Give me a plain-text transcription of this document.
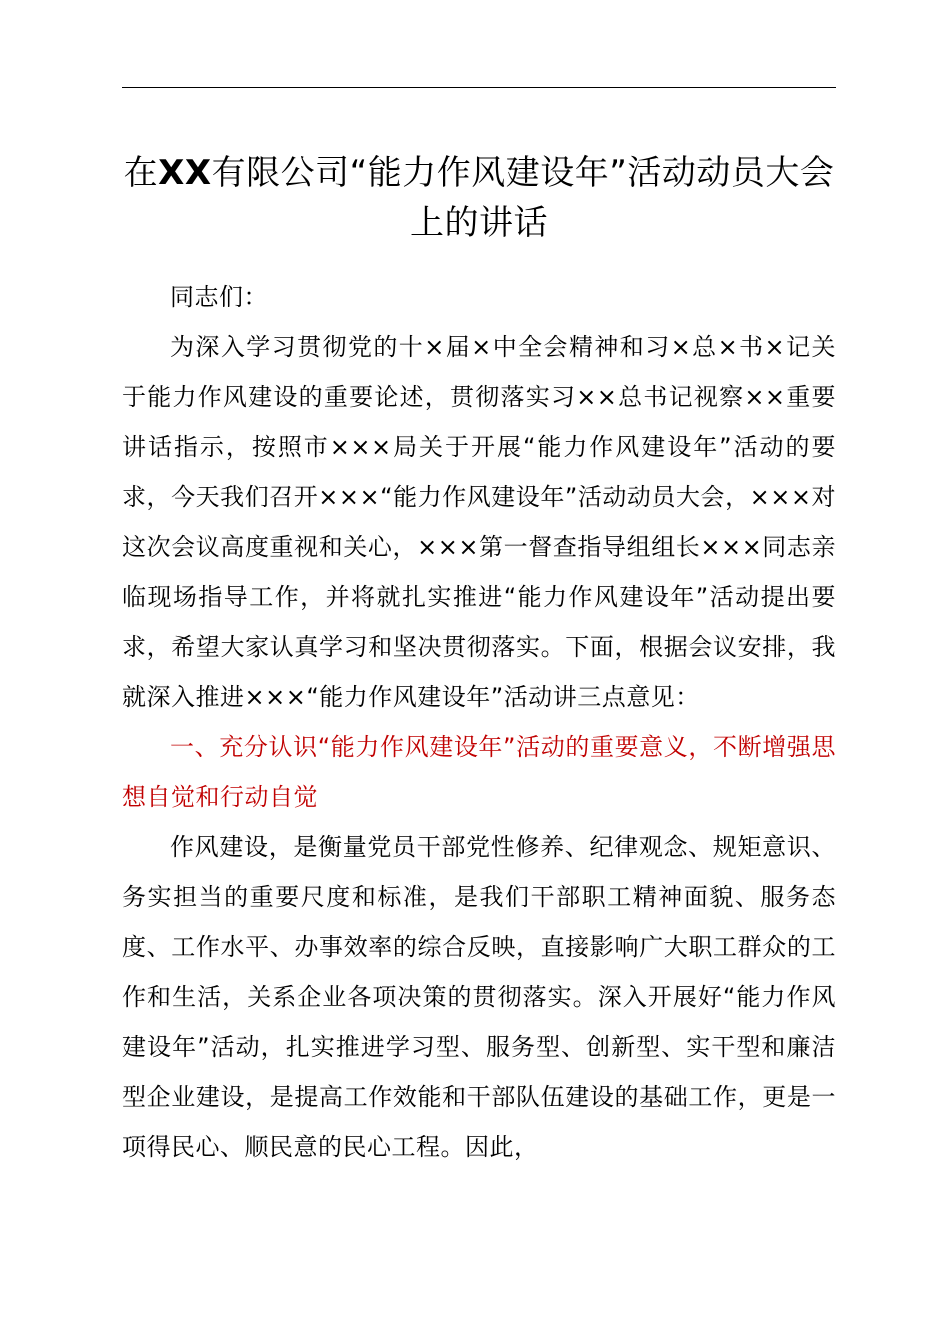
在XX有限公司“能力作风建设年”活动动员大会上的讲话

同志们：

为深入学习贯彻党的十×届×中全会精神和习×总×书×记关于能力作风建设的重要论述，贯彻落实习××总书记视察××重要讲话指示，按照市×××局关于开展“能力作风建设年”活动的要求，今天我们召开×××“能力作风建设年”活动动员大会，×××对这次会议高度重视和关心，×××第一督查指导组组长×××同志亲临现场指导工作，并将就扎实推进“能力作风建设年”活动提出要求，希望大家认真学习和坚决贯彻落实。下面，根据会议安排，我就深入推进×××“能力作风建设年”活动讲三点意见：

一、充分认识“能力作风建设年”活动的重要意义，不断增强思想自觉和行动自觉

作风建设，是衡量党员干部党性修养、纪律观念、规矩意识、务实担当的重要尺度和标准，是我们干部职工精神面貌、服务态度、工作水平、办事效率的综合反映，直接影响广大职工群众的工作和生活，关系企业各项决策的贯彻落实。深入开展好“能力作风建设年”活动，扎实推进学习型、服务型、创新型、实干型和廉洁型企业建设，是提高工作效能和干部队伍建设的基础工作，更是一项得民心、顺民意的民心工程。因此，
